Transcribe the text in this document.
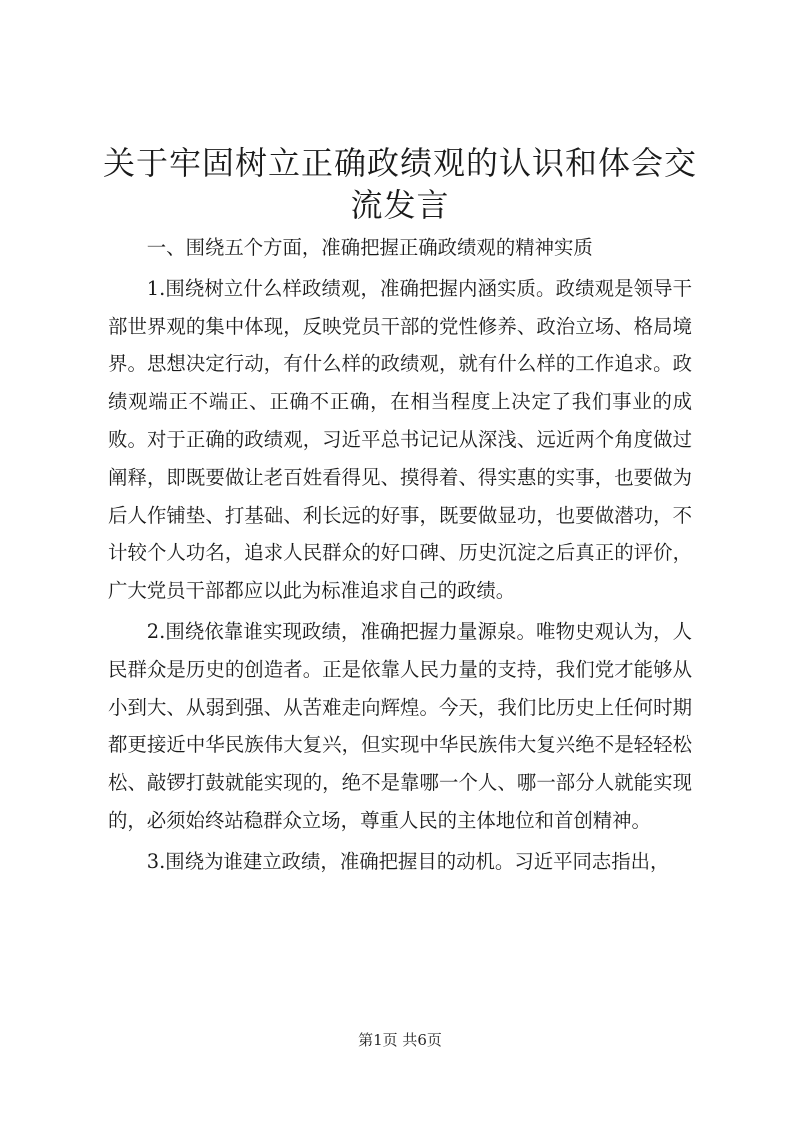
关于牢固树立正确政绩观的认识和体会交流发言

一、围绕五个方面，准确把握正确政绩观的精神实质

1.围绕树立什么样政绩观，准确把握内涵实质。政绩观是领导干部世界观的集中体现，反映党员干部的党性修养、政治立场、格局境界。思想决定行动，有什么样的政绩观，就有什么样的工作追求。政绩观端正不端正、正确不正确，在相当程度上决定了我们事业的成败。对于正确的政绩观，习近平总书记记从深浅、远近两个角度做过阐释，即既要做让老百姓看得见、摸得着、得实惠的实事，也要做为后人作铺垫、打基础、利长远的好事，既要做显功，也要做潜功，不计较个人功名，追求人民群众的好口碑、历史沉淀之后真正的评价，广大党员干部都应以此为标准追求自己的政绩。

2.围绕依靠谁实现政绩，准确把握力量源泉。唯物史观认为，人民群众是历史的创造者。正是依靠人民力量的支持，我们党才能够从小到大、从弱到强、从苦难走向辉煌。今天，我们比历史上任何时期都更接近中华民族伟大复兴，但实现中华民族伟大复兴绝不是轻轻松松、敲锣打鼓就能实现的，绝不是靠哪一个人、哪一部分人就能实现的，必须始终站稳群众立场，尊重人民的主体地位和首创精神。

3.围绕为谁建立政绩，准确把握目的动机。习近平同志指出，

第1页 共6页
